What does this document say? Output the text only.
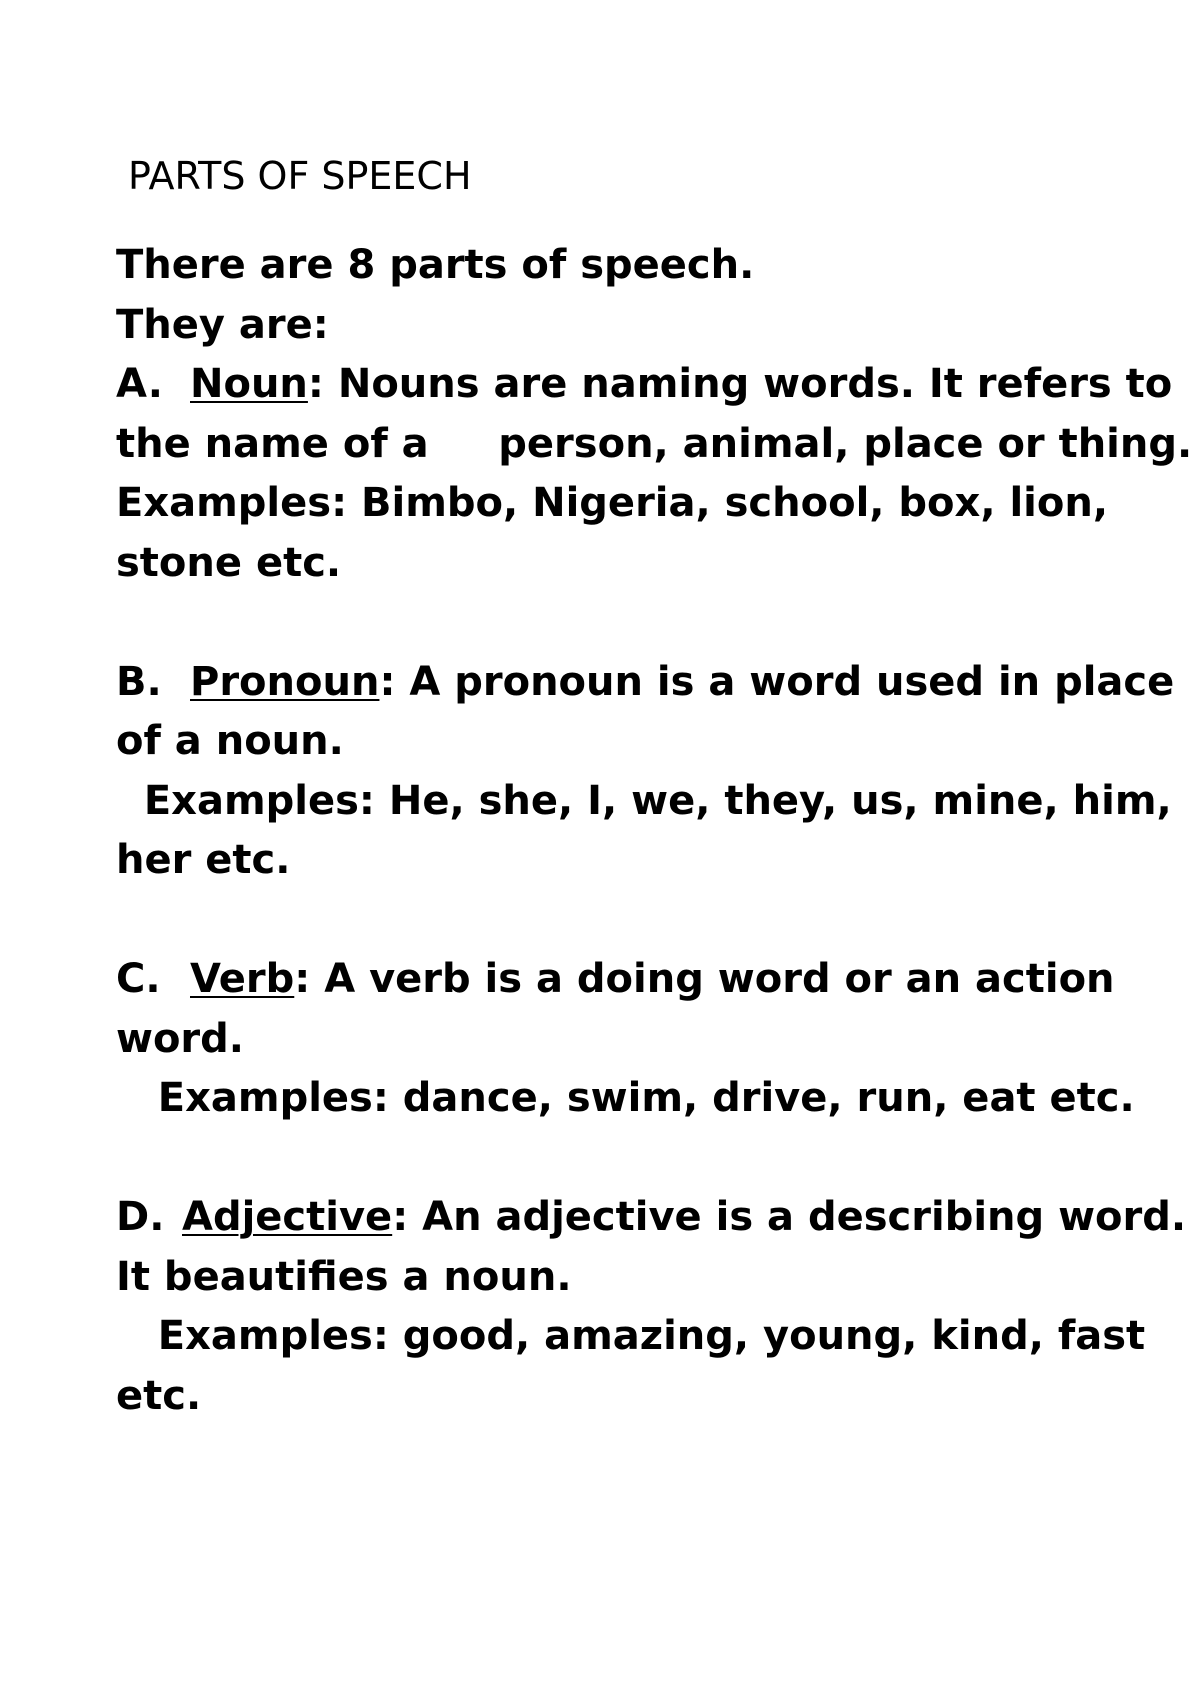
PARTS OF SPEECH
There are 8 parts of speech.
They are:
A. Noun: Nouns are naming words. It refers to
the name of a     person, animal, place or thing.
Examples: Bimbo, Nigeria, school, box, lion,
stone etc.
B. Pronoun: A pronoun is a word used in place
of a noun.
Examples: He, she, I, we, they, us, mine, him,
her etc.
C. Verb: A verb is a doing word or an action
word.
Examples: dance, swim, drive, run, eat etc.
D. Adjective: An adjective is a describing word.
It beautifies a noun.
Examples: good, amazing, young, kind, fast
etc.
